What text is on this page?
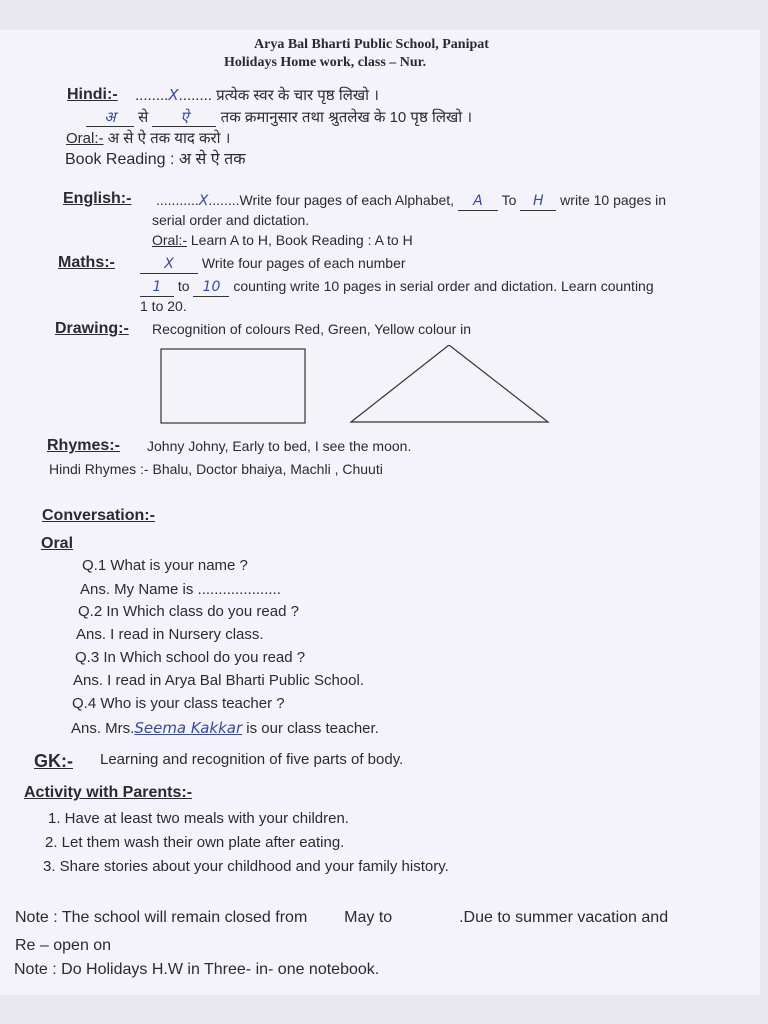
Arya Bal Bharti Public School, Panipat
Holidays Home work, class – Nur.
Hindi:- ........X........ प्रत्येक स्वर के चार पृष्ठ लिखो ।
अ से ऐ तक क्रमानुसार तथा श्रुतलेख के 10 पृष्ठ लिखो ।
Oral:- अ से ऐ तक याद करो ।
Book Reading : अ से ऐ तक
English:- ...........X........Write four pages of each Alphabet, A To H write 10 pages in
serial order and dictation.
Oral:- Learn A to H, Book Reading : A to H
Maths:-	X Write four pages of each number
1 to 10 counting write 10 pages in serial order and dictation. Learn counting
1 to 20.
Drawing:- Recognition of colours Red, Green, Yellow colour in
Rhymes:- Johny Johny, Early to bed, I see the moon.
Hindi Rhymes :- Bhalu, Doctor bhaiya, Machli , Chuuti
Conversation:-
Oral
Q.1 What is your name ?
Ans. My Name is ....................
Q.2 In Which class do you read ?
Ans. I read in Nursery class.
Q.3 In Which school do you read ?
Ans. I read in Arya Bal Bharti Public School.
Q.4 Who is your class teacher ?
Ans. Mrs.Seema Kakkar is our class teacher.
GK:- Learning and recognition of five parts of body.
Activity with Parents:-
1. Have at least two meals with your children.
2. Let them wash their own plate after eating.
3. Share stories about your childhood and your family history.
Note : The school will remain closed from May to	.Due to summer vacation and
Re – open on
Note : Do Holidays H.W in Three- in- one notebook.
